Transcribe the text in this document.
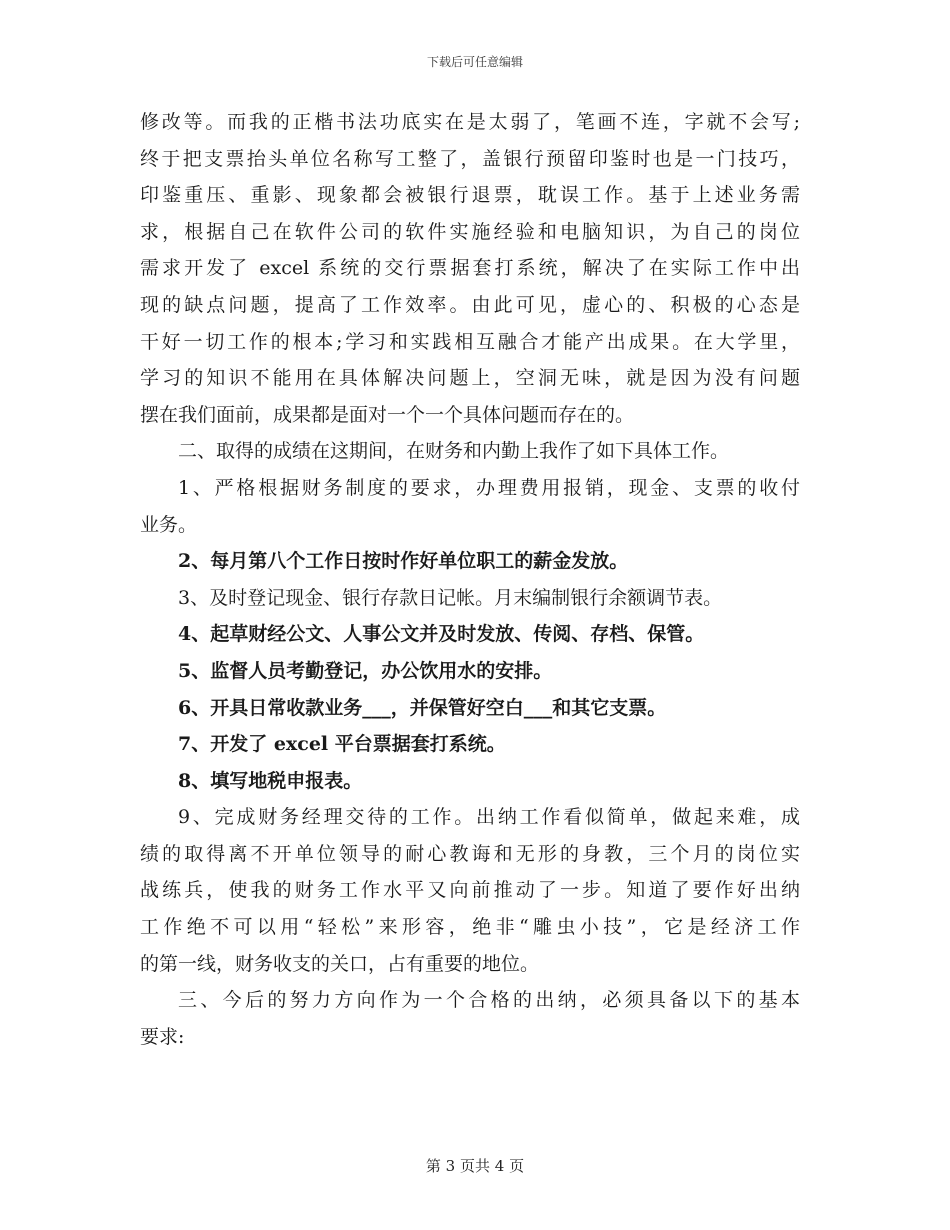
下载后可任意编辑
修改等。而我的正楷书法功底实在是太弱了，笔画不连，字就不会写;
终于把支票抬头单位名称写工整了，盖银行预留印鉴时也是一门技巧，
印鉴重压、重影、现象都会被银行退票，耽误工作。基于上述业务需
求，根据自己在软件公司的软件实施经验和电脑知识，为自己的岗位
需求开发了 excel 系统的交行票据套打系统，解决了在实际工作中出
现的缺点问题，提高了工作效率。由此可见，虚心的、积极的心态是
干好一切工作的根本;学习和实践相互融合才能产出成果。在大学里，
学习的知识不能用在具体解决问题上，空洞无味，就是因为没有问题
摆在我们面前，成果都是面对一个一个具体问题而存在的。
二、取得的成绩在这期间，在财务和内勤上我作了如下具体工作。
1、严格根据财务制度的要求，办理费用报销，现金、支票的收付
业务。
2、每月第八个工作日按时作好单位职工的薪金发放。
3、及时登记现金、银行存款日记帐。月末编制银行余额调节表。
4、起草财经公文、人事公文并及时发放、传阅、存档、保管。
5、监督人员考勤登记，办公饮用水的安排。
6、开具日常收款业务___，并保管好空白___和其它支票。
7、开发了 excel 平台票据套打系统。
8、填写地税申报表。
9、完成财务经理交待的工作。出纳工作看似简单，做起来难，成
绩的取得离不开单位领导的耐心教诲和无形的身教，三个月的岗位实
战练兵，使我的财务工作水平又向前推动了一步。知道了要作好出纳
工作绝不可以用“轻松”来形容，绝非“雕虫小技”，它是经济工作
的第一线，财务收支的关口，占有重要的地位。
三、今后的努力方向作为一个合格的出纳，必须具备以下的基本
要求:
第 3 页共 4 页
